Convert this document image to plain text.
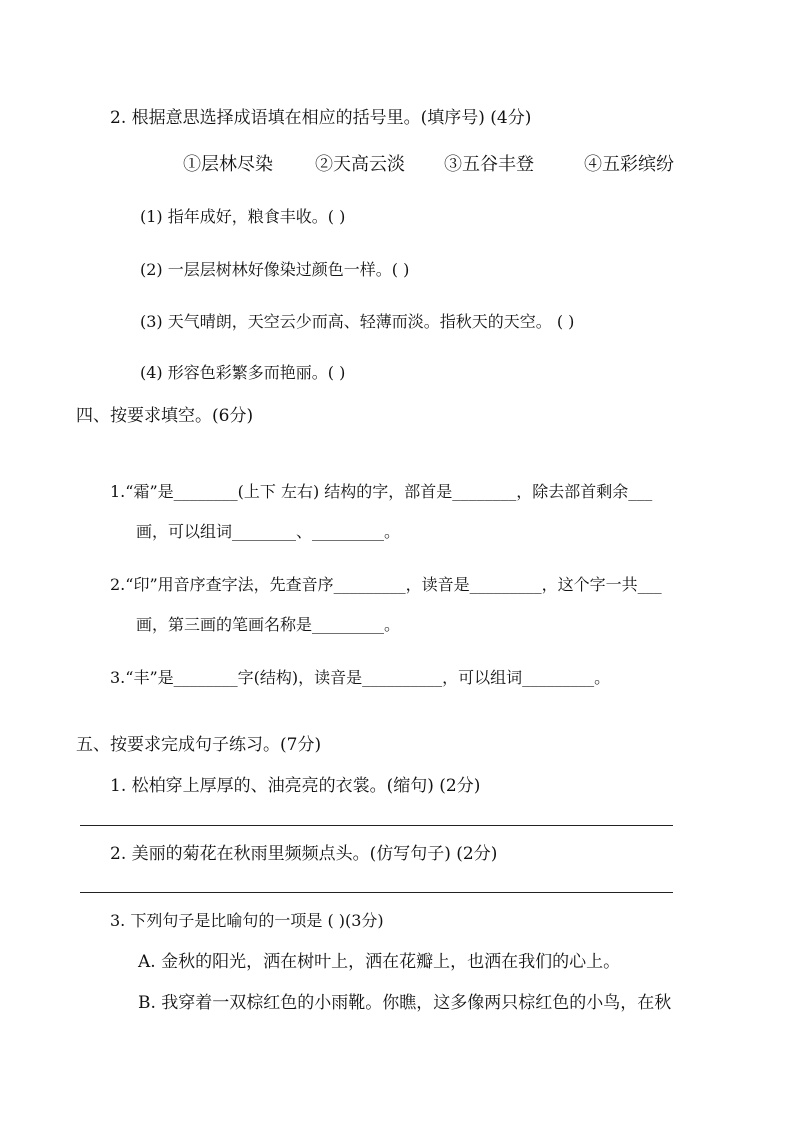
2. 根据意思选择成语填在相应的括号里。(填序号) (4分)
①层林尽染 ②天高云淡 ③五谷丰登	④五彩缤纷
(1) 指年成好，粮食丰收。( )
(2) 一层层树林好像染过颜色一样。( )
(3) 天气晴朗，天空云少而高、轻薄而淡。指秋天的天空。 ( )
(4) 形容色彩繁多而艳丽。( )
四、按要求填空。(6分)
1.“霜”是________(上下 左右) 结构的字，部首是________，除去部首剩余___
画，可以组词________、_________。
2.“印”用音序查字法，先查音序_________，读音是_________，这个字一共___
画，第三画的笔画名称是_________。
3.“丰”是________字(结构)，读音是__________，可以组词_________。
五、按要求完成句子练习。(7分)
1. 松柏穿上厚厚的、油亮亮的衣裳。(缩句) (2分)
2. 美丽的菊花在秋雨里频频点头。(仿写句子) (2分)
3. 下列句子是比喻句的一项是 ( )(3分)
A. 金秋的阳光，洒在树叶上，洒在花瓣上，也洒在我们的心上。
B. 我穿着一双棕红色的小雨靴。你瞧，这多像两只棕红色的小鸟，在秋
